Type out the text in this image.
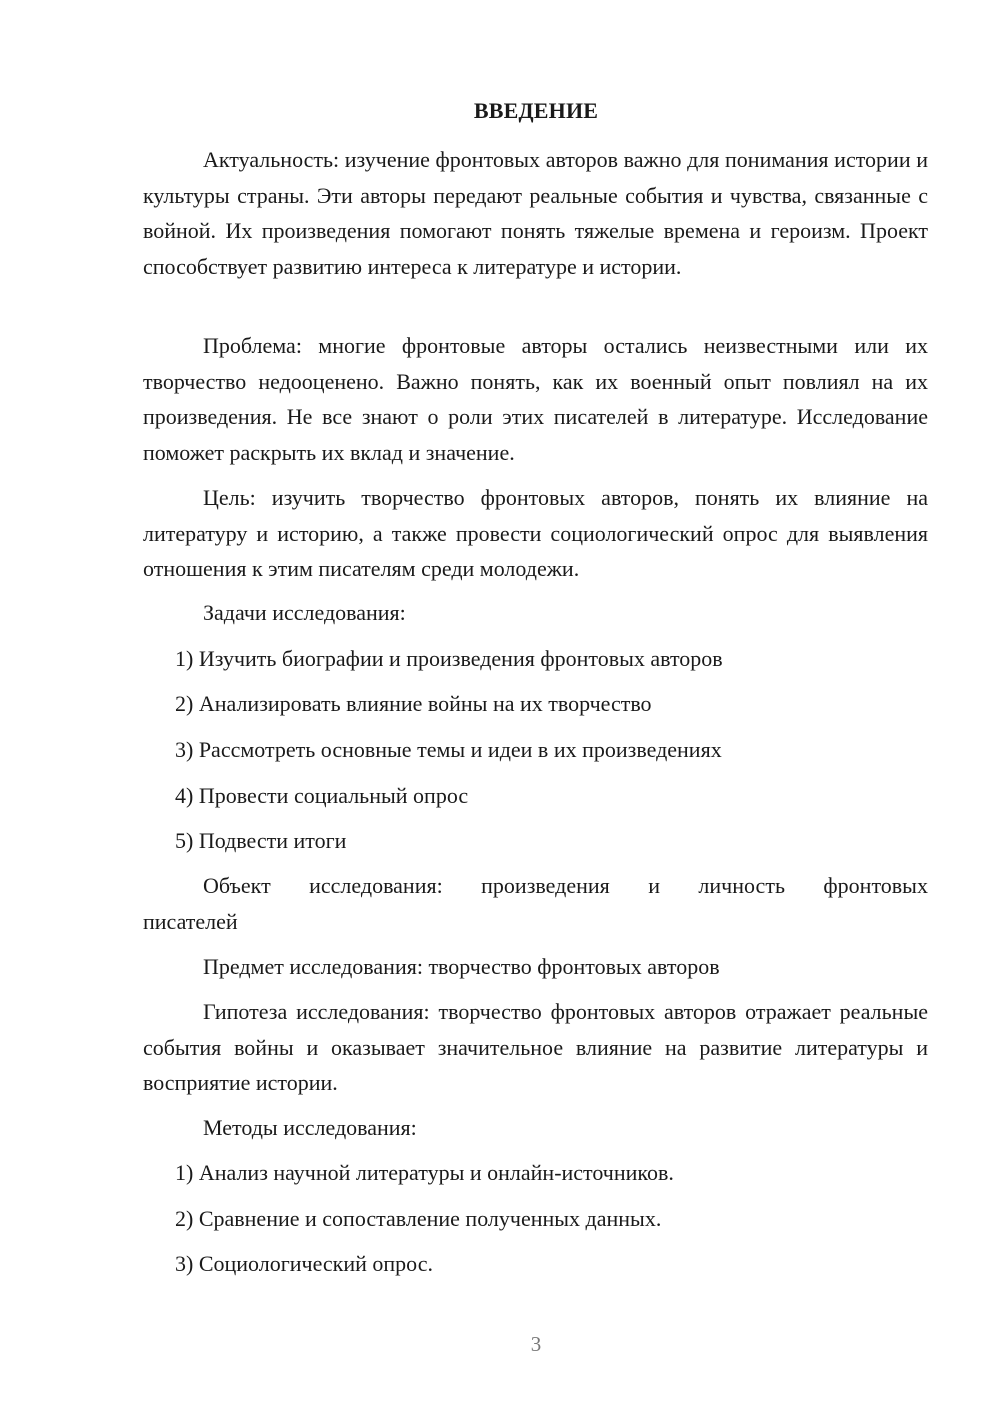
ВВЕДЕНИЕ

Актуальность: изучение фронтовых авторов важно для понимания истории и культуры страны. Эти авторы передают реальные события и чувства, связанные с войной. Их произведения помогают понять тяжелые времена и героизм. Проект способствует развитию интереса к литературе и истории.

Проблема: многие фронтовые авторы остались неизвестными или их творчество недооценено. Важно понять, как их военный опыт повлиял на их произведения. Не все знают о роли этих писателей в литературе. Исследование поможет раскрыть их вклад и значение.

Цель: изучить творчество фронтовых авторов, понять их влияние на литературу и историю, а также провести социологический опрос для выявления отношения к этим писателям среди молодежи.

Задачи исследования:

1) Изучить биографии и произведения фронтовых авторов

2) Анализировать влияние войны на их творчество

3) Рассмотреть основные темы и идеи в их произведениях

4) Провести социальный опрос

5) Подвести итоги

Объект исследования: произведения и личность фронтовых
писателей

Предмет исследования: творчество фронтовых авторов

Гипотеза исследования: творчество фронтовых авторов отражает реальные события войны и оказывает значительное влияние на развитие литературы и восприятие истории.

Методы исследования:

1) Анализ научной литературы и онлайн-источников.

2) Сравнение и сопоставление полученных данных.

3) Социологический опрос.

3
